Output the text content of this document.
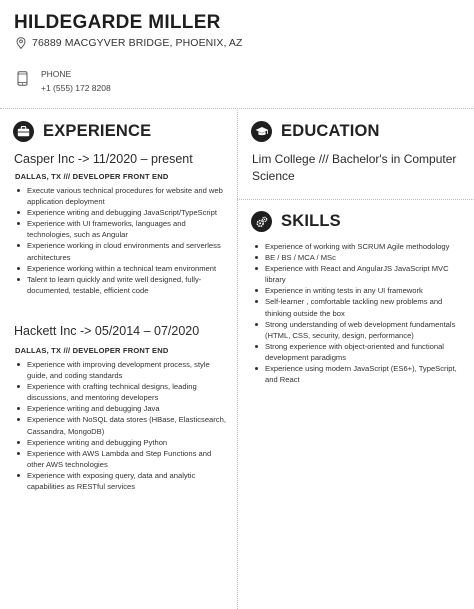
HILDEGARDE MILLER
76889 MACGYVER BRIDGE, PHOENIX, AZ
PHONE
+1 (555) 172 8208
EXPERIENCE
Casper Inc -> 11/2020 – present
DALLAS, TX /// DEVELOPER FRONT END
Execute various technical procedures for website and web application deployment
Experience writing and debugging JavaScript/TypeScript
Experience with UI frameworks, languages and technologies, such as Angular
Experience working in cloud environments and serverless architectures
Experience working within a technical team environment
Talent to learn quickly and write well designed, fully-documented, testable, efficient code
Hackett Inc -> 05/2014 – 07/2020
DALLAS, TX /// DEVELOPER FRONT END
Experience with improving development process, style guide, and coding standards
Experience with crafting technical designs, leading discussions, and mentoring developers
Experience writing and debugging Java
Experience with NoSQL data stores (HBase, Elasticsearch, Cassandra, MongoDB)
Experience writing and debugging Python
Experience with AWS Lambda and Step Functions and other AWS technologies
Experience with exposing query, data and analytic capabilities as RESTful services
EDUCATION
Lim College /// Bachelor's in Computer Science
SKILLS
Experience of working with SCRUM Agile methodology
BE / BS / MCA / MSc
Experience with React and AngularJS JavaScript MVC library
Experience in writing tests in any UI framework
Self-learner , comfortable tackling new problems and thinking outside the box
Strong understanding of web development fundamentals (HTML, CSS, security, design, performance)
Strong experience with object-oriented and functional development paradigms
Experience using modern JavaScript (ES6+), TypeScript, and React
